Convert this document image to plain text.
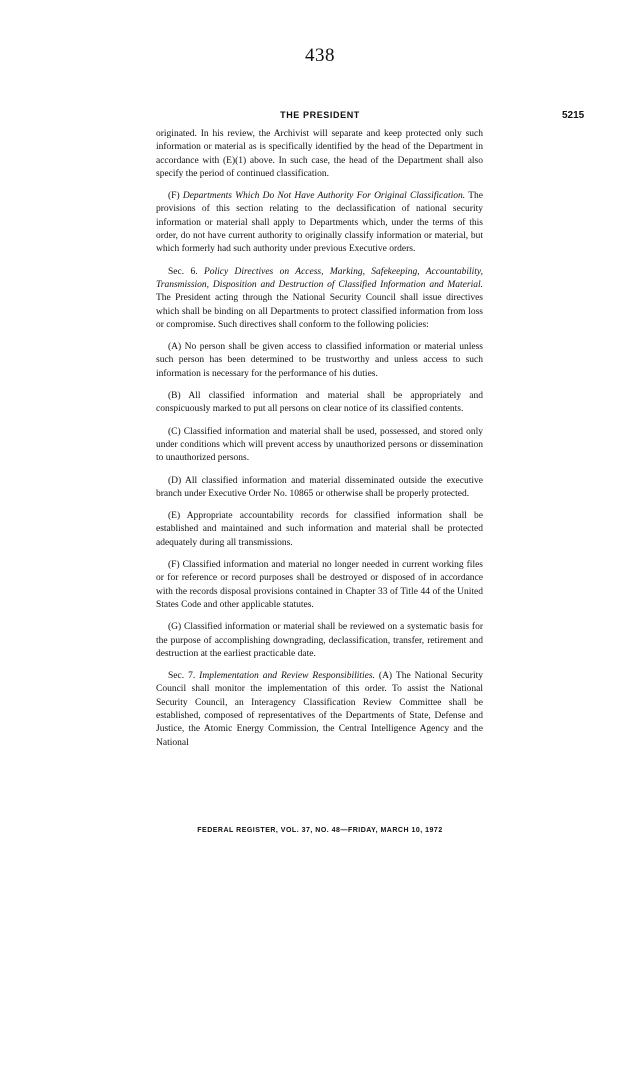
438
THE PRESIDENT	5215

originated. In his review, the Archivist will separate and keep protected only such information or material as is specifically identified by the head of the Department in accordance with (E)(1) above. In such case, the head of the Department shall also specify the period of continued classification.

(F) Departments Which Do Not Have Authority For Original Classification. The provisions of this section relating to the declassification of national security information or material shall apply to Departments which, under the terms of this order, do not have current authority to originally classify information or material, but which formerly had such authority under previous Executive orders.

Sec. 6. Policy Directives on Access, Marking, Safekeeping, Accountability, Transmission, Disposition and Destruction of Classified Information and Material. The President acting through the National Security Council shall issue directives which shall be binding on all Departments to protect classified information from loss or compromise. Such directives shall conform to the following policies:

(A) No person shall be given access to classified information or material unless such person has been determined to be trustworthy and unless access to such information is necessary for the performance of his duties.

(B) All classified information and material shall be appropriately and conspicuously marked to put all persons on clear notice of its classified contents.

(C) Classified information and material shall be used, possessed, and stored only under conditions which will prevent access by unauthorized persons or dissemination to unauthorized persons.

(D) All classified information and material disseminated outside the executive branch under Executive Order No. 10865 or otherwise shall be properly protected.

(E) Appropriate accountability records for classified information shall be established and maintained and such information and material shall be protected adequately during all transmissions.

(F) Classified information and material no longer needed in current working files or for reference or record purposes shall be destroyed or disposed of in accordance with the records disposal provisions contained in Chapter 33 of Title 44 of the United States Code and other applicable statutes.

(G) Classified information or material shall be reviewed on a systematic basis for the purpose of accomplishing downgrading, declassification, transfer, retirement and destruction at the earliest practicable date.

Sec. 7. Implementation and Review Responsibilities. (A) The National Security Council shall monitor the implementation of this order. To assist the National Security Council, an Interagency Classification Review Committee shall be established, composed of representatives of the Departments of State, Defense and Justice, the Atomic Energy Commission, the Central Intelligence Agency and the National

FEDERAL REGISTER, VOL. 37, NO. 48—FRIDAY, MARCH 10, 1972
